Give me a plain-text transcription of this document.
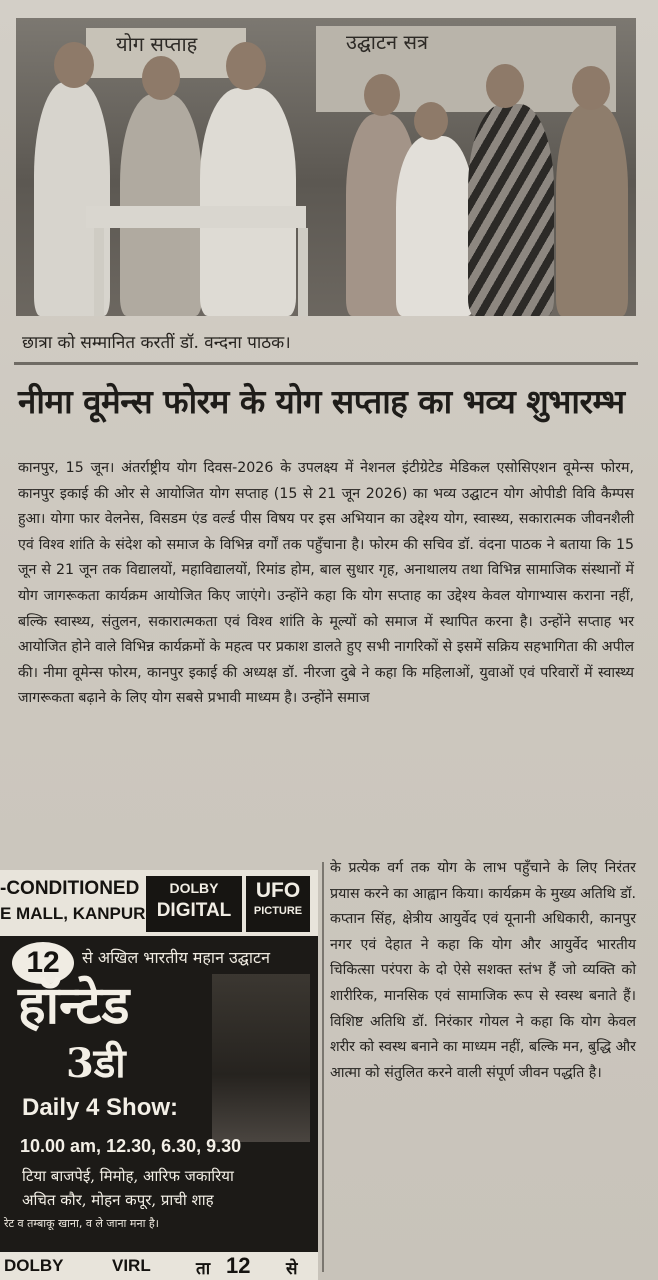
योग सप्ताह	उद्घाटन सत्र
छात्रा को सम्मानित करतीं डॉ. वन्दना पाठक।
नीमा वूमेन्स फोरम के योग सप्ताह का भव्य शुभारम्भ

कानपुर, 15 जून। अंतर्राष्ट्रीय योग दिवस-2026 के उपलक्ष्य में नेशनल इंटीग्रेटेड मेडिकल एसोसिएशन वूमेन्स फोरम, कानपुर इकाई की ओर से आयोजित योग सप्ताह (15 से 21 जून 2026) का भव्य उद्घाटन योग ओपीडी विवि कैम्पस हुआ। योगा फार वेलनेस, विसडम एंड वर्ल्ड पीस विषय पर इस अभियान का उद्देश्य योग, स्वास्थ्य, सकारात्मक जीवनशैली एवं विश्व शांति के संदेश को समाज के विभिन्न वर्गों तक पहुँचाना है। फोरम की सचिव डॉ. वंदना पाठक ने बताया कि 15 जून से 21 जून तक विद्यालयों, महाविद्यालयों, रिमांड होम, बाल सुधार गृह, अनाथालय तथा विभिन्न सामाजिक संस्थानों में योग जागरूकता कार्यक्रम आयोजित किए जाएंगे। उन्होंने कहा कि योग सप्ताह का उद्देश्य केवल योगाभ्यास कराना नहीं, बल्कि स्वास्थ्य, संतुलन, सकारात्मकता एवं विश्व शांति के मूल्यों को समाज में स्थापित करना है। उन्होंने सप्ताह भर आयोजित होने वाले विभिन्न कार्यक्रमों के महत्व पर प्रकाश डालते हुए सभी नागरिकों से इसमें सक्रिय सहभागिता की अपील की। नीमा वूमेन्स फोरम, कानपुर इकाई की अध्यक्ष डॉ. नीरजा दुबे ने कहा कि महिलाओं, युवाओं एवं परिवारों में स्वास्थ्य जागरूकता बढ़ाने के लिए योग सबसे प्रभावी माध्यम है। उन्होंने समाज

-CONDITIONED
E MALL, KANPUR
DOLBY
DIGITAL
UFO
PICTURE
12	से अखिल भारतीय महान उद्घाटन
हॉन्टेड
3डी
Daily 4 Show:
10.00 am, 12.30, 6.30, 9.30
टिया बाजपेई, मिमोह, आरिफ जकारिया
अचित कौर, मोहन कपूर, प्राची शाह
रेट व तम्बाकू खाना, व ले जाना मना है।
DOLBY	VIRL	ता 12 से

के प्रत्येक वर्ग तक योग के लाभ पहुँचाने के लिए निरंतर प्रयास करने का आह्वान किया। कार्यक्रम के मुख्य अतिथि डॉ. कप्तान सिंह, क्षेत्रीय आयुर्वेद एवं यूनानी अधिकारी, कानपुर नगर एवं देहात ने कहा कि योग और आयुर्वेद भारतीय चिकित्सा परंपरा के दो ऐसे सशक्त स्तंभ हैं जो व्यक्ति को शारीरिक, मानसिक एवं सामाजिक रूप से स्वस्थ बनाते हैं। विशिष्ट अतिथि डॉ. निरंकार गोयल ने कहा कि योग केवल शरीर को स्वस्थ बनाने का माध्यम नहीं, बल्कि मन, बुद्धि और आत्मा को संतुलित करने वाली संपूर्ण जीवन पद्धति है।
